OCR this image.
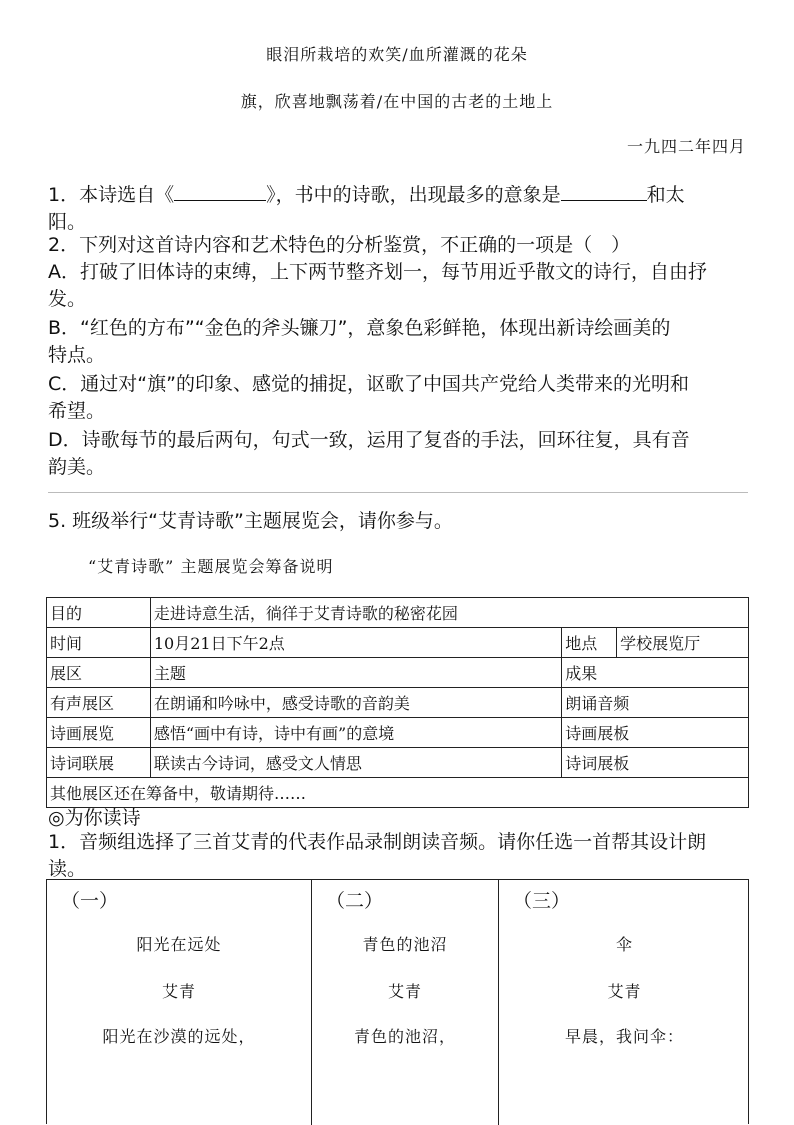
眼泪所栽培的欢笑/血所灌溉的花朵
旗，欣喜地飘荡着/在中国的古老的土地上
一九四二年四月
1．本诗选自《	》，书中的诗歌，出现最多的意象是	和太
阳。
2．下列对这首诗内容和艺术特色的分析鉴赏，不正确的一项是（　）
A．打破了旧体诗的束缚，上下两节整齐划一，每节用近乎散文的诗行，自由抒
发。
B．“红色的方布”“金色的斧头镰刀”，意象色彩鲜艳，体现出新诗绘画美的
特点。
C．通过对“旗”的印象、感觉的捕捉，讴歌了中国共产党给人类带来的光明和
希望。
D．诗歌每节的最后两句，句式一致，运用了复沓的手法，回环往复，具有音
韵美。
5. 班级举行“艾青诗歌”主题展览会，请你参与。
“艾青诗歌” 主题展览会筹备说明
目的	走进诗意生活，徜徉于艾青诗歌的秘密花园		
时间	10月21日下午2点	地点	学校展览厅
展区	主题	成果	
有声展区	在朗诵和吟咏中，感受诗歌的音韵美	朗诵音频	
诗画展览	感悟“画中有诗，诗中有画”的意境	诗画展板	
诗词联展	联读古今诗词，感受文人情思	诗词展板	
其他展区还在筹备中，敬请期待……			
◎为你读诗
1．音频组选择了三首艾青的代表作品录制朗读音频。请你任选一首帮其设计朗
读。
（一）
阳光在远处
艾青
阳光在沙漠的远处，
（二）
青色的池沼
艾青
青色的池沼，
（三）
伞
艾青
早晨，我问伞：
